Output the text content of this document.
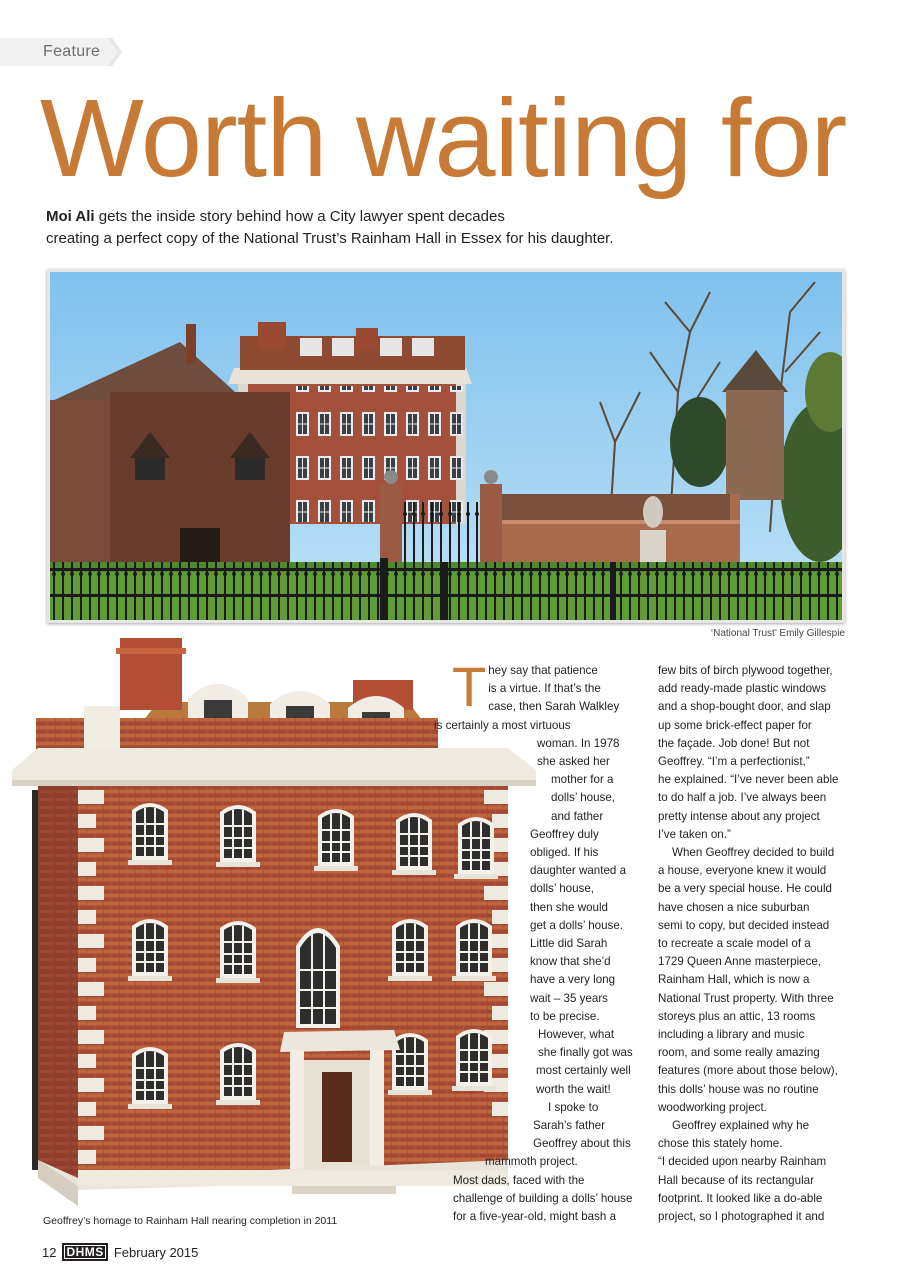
Feature
Worth waiting for
Moi Ali gets the inside story behind how a City lawyer spent decades
creating a perfect copy of the National Trust’s Rainham Hall in Essex for his daughter.
‘National Trust’ Emily Gillespie
Geoffrey’s homage to Rainham Hall nearing completion in 2011
T hey say that patience
is a virtue. If that’s the
case, then Sarah Walkley
is certainly a most virtuous
woman. In 1978
she asked her
mother for a
dolls’ house,
and father
Geoffrey duly
obliged. If his
daughter wanted a
dolls’ house,
then she would
get a dolls’ house.
Little did Sarah
know that she’d
have a very long
wait – 35 years
to be precise.
However, what
she finally got was
most certainly well
worth the wait!
I spoke to
Sarah’s father
Geoffrey about this
mammoth project.
Most dads, faced with the
challenge of building a dolls’ house
for a five-year-old, might bash a
few bits of birch plywood together,
add ready-made plastic windows
and a shop-bought door, and slap
up some brick-effect paper for
the façade. Job done! But not
Geoffrey. “I’m a perfectionist,”
he explained. “I’ve never been able
to do half a job. I’ve always been
pretty intense about any project
I’ve taken on.”
When Geoffrey decided to build
a house, everyone knew it would
be a very special house. He could
have chosen a nice suburban
semi to copy, but decided instead
to recreate a scale model of a
1729 Queen Anne masterpiece,
Rainham Hall, which is now a
National Trust property. With three
storeys plus an attic, 13 rooms
including a library and music
room, and some really amazing
features (more about those below),
this dolls’ house was no routine
woodworking project.
Geoffrey explained why he
chose this stately home.
“I decided upon nearby Rainham
Hall because of its rectangular
footprint. It looked like a do-able
project, so I photographed it and
12 DHMS February 2015
